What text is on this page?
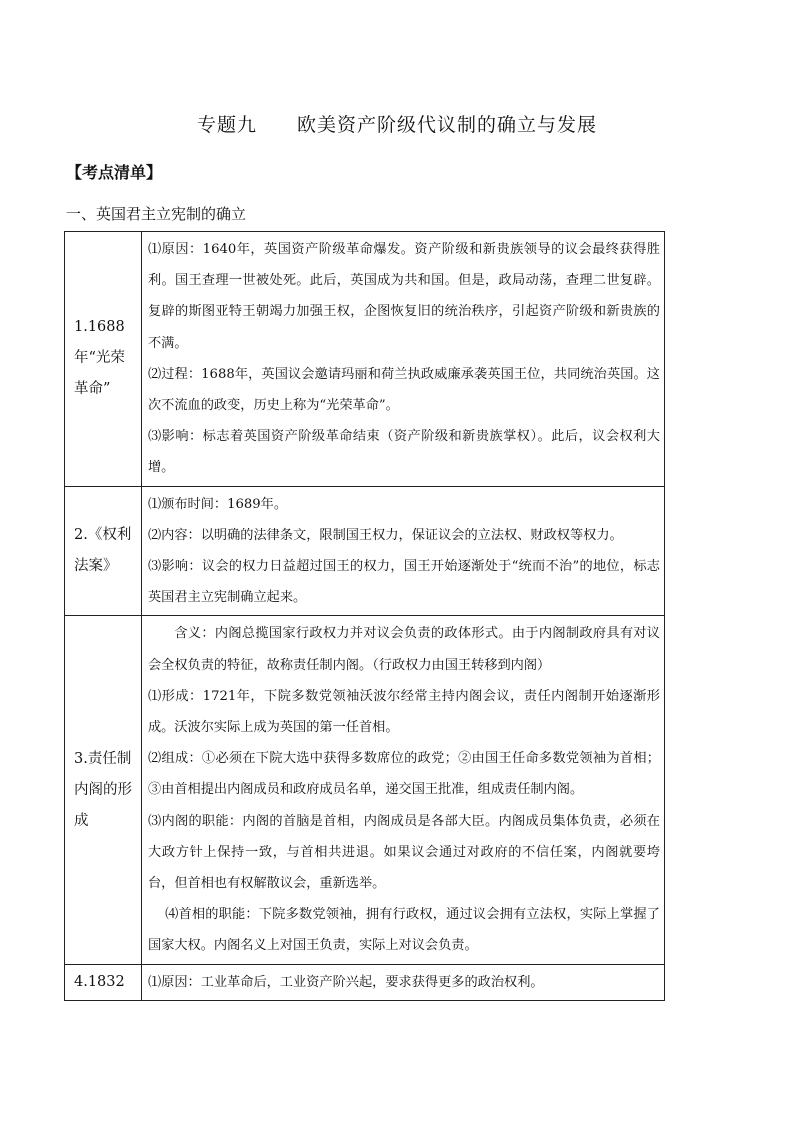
专题九 欧美资产阶级代议制的确立与发展
【考点清单】
一、英国君主立宪制的确立
1.1688年“光荣革命”	⑴原因：1640年，英国资产阶级革命爆发。资产阶级和新贵族领导的议会最终获得胜利。国王查理一世被处死。此后，英国成为共和国。但是，政局动荡，查理二世复辟。复辟的斯图亚特王朝竭力加强王权，企图恢复旧的统治秩序，引起资产阶级和新贵族的不满。

⑵过程：1688年，英国议会邀请玛丽和荷兰执政威廉承袭英国王位，共同统治英国。这次不流血的政变，历史上称为“光荣革命”。

⑶影响：标志着英国资产阶级革命结束（资产阶级和新贵族掌权）。此后，议会权利大增。

2.《权利法案》	⑴颁布时间：1689年。

⑵内容：以明确的法律条文，限制国王权力，保证议会的立法权、财政权等权力。

⑶影响：议会的权力日益超过国王的权力，国王开始逐渐处于“统而不治”的地位，标志英国君主立宪制确立起来。

3.责任制内阁的形成	含义：内阁总揽国家行政权力并对议会负责的政体形式。由于内阁制政府具有对议会全权负责的特征，故称责任制内阁。（行政权力由国王转移到内阁）

⑴形成：1721年，下院多数党领袖沃波尔经常主持内阁会议，责任内阁制开始逐渐形成。沃波尔实际上成为英国的第一任首相。

⑵组成：①必须在下院大选中获得多数席位的政党；②由国王任命多数党领袖为首相；③由首相提出内阁成员和政府成员名单，递交国王批准，组成责任制内阁。

⑶内阁的职能：内阁的首脑是首相，内阁成员是各部大臣。内阁成员集体负责，必须在大政方针上保持一致，与首相共进退。如果议会通过对政府的不信任案，内阁就要垮台，但首相也有权解散议会，重新选举。

⑷首相的职能：下院多数党领袖，拥有行政权，通过议会拥有立法权，实际上掌握了国家大权。内阁名义上对国王负责，实际上对议会负责。

4.1832	⑴原因：工业革命后，工业资产阶兴起，要求获得更多的政治权利。
